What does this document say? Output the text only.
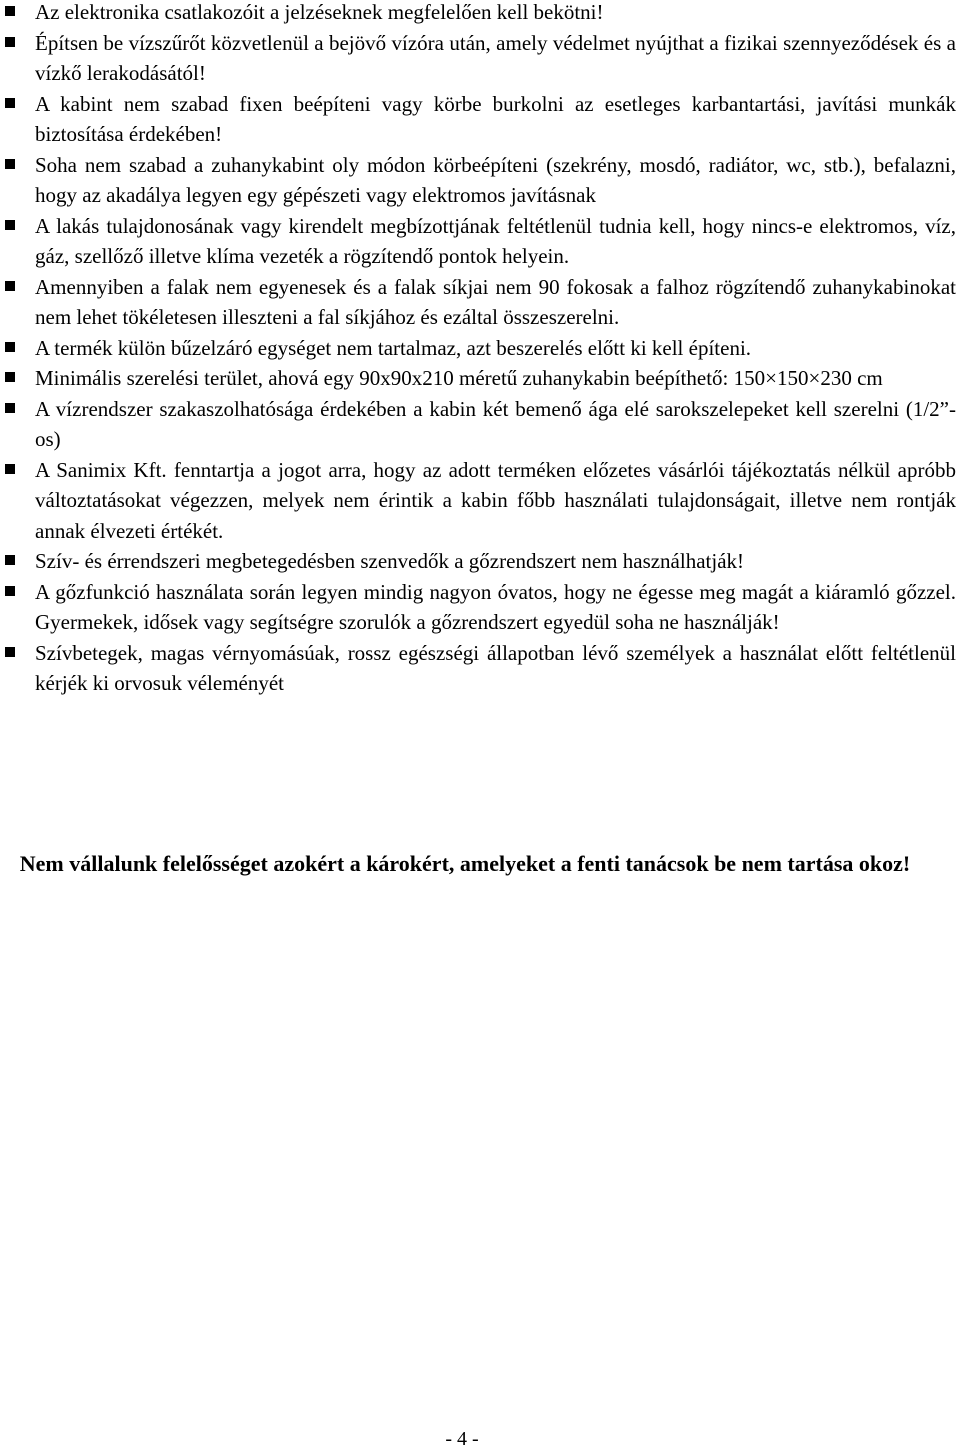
Az elektronika csatlakozóit a jelzéseknek megfelelően kell bekötni!
Építsen be vízszűrőt közvetlenül a bejövő vízóra után, amely védelmet nyújthat a fizikai szennyeződések és a vízkő lerakodásától!
A kabint nem szabad fixen beépíteni vagy körbe burkolni az esetleges karbantartási, javítási munkák biztosítása érdekében!
Soha nem szabad a zuhanykabint oly módon körbeépíteni (szekrény, mosdó, radiátor, wc, stb.), befalazni, hogy az akadálya legyen egy gépészeti vagy elektromos javításnak
A lakás tulajdonosának vagy kirendelt megbízottjának feltétlenül tudnia kell, hogy nincs-e elektromos, víz, gáz, szellőző illetve klíma vezeték a rögzítendő pontok helyein.
Amennyiben a falak nem egyenesek és a falak síkjai nem 90 fokosak a falhoz rögzítendő zuhanykabinokat nem lehet tökéletesen illeszteni a fal síkjához és ezáltal összeszerelni.
A termék külön bűzelzáró egységet nem tartalmaz, azt beszerelés előtt ki kell építeni.
Minimális szerelési terület, ahová egy 90x90x210 méretű zuhanykabin beépíthető: 150×150×230 cm
A vízrendszer szakaszolhatósága érdekében a kabin két bemenő ága elé sarokszelepeket kell szerelni (1/2”-os)
A Sanimix Kft. fenntartja a jogot arra, hogy az adott terméken előzetes vásárlói tájékoztatás nélkül apróbb változtatásokat végezzen, melyek nem érintik a kabin főbb használati tulajdonságait, illetve nem rontják annak élvezeti értékét.
Szív- és érrendszeri megbetegedésben szenvedők a gőzrendszert nem használhatják!
A gőzfunkció használata során legyen mindig nagyon óvatos, hogy ne égesse meg magát a kiáramló gőzzel. Gyermekek, idősek vagy segítségre szorulók a gőzrendszert egyedül soha ne használják!
Szívbetegek, magas vérnyomásúak, rossz egészségi állapotban lévő személyek a használat előtt feltétlenül kérjék ki orvosuk véleményét
Nem vállalunk felelősséget azokért a károkért, amelyeket a fenti tanácsok be nem tartása okoz!
- 4 -
